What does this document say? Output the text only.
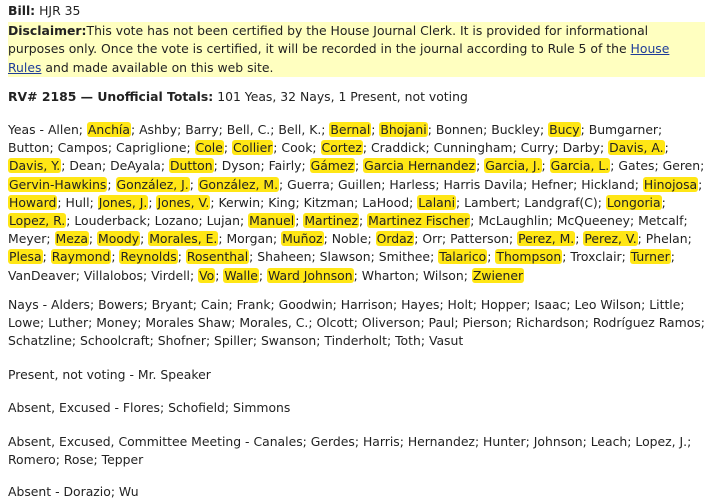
Bill: HJR 35
Disclaimer:This vote has not been certified by the House Journal Clerk. It is provided for informational purposes only. Once the vote is certified, it will be recorded in the journal according to Rule 5 of the House Rules and made available on this web site.
RV# 2185 — Unofficial Totals: 101 Yeas, 32 Nays, 1 Present, not voting
Yeas - Allen; Anchía; Ashby; Barry; Bell, C.; Bell, K.; Bernal; Bhojani; Bonnen; Buckley; Bucy; Bumgarner; Button; Campos; Capriglione; Cole; Collier; Cook; Cortez; Craddick; Cunningham; Curry; Darby; Davis, A.; Davis, Y.; Dean; DeAyala; Dutton; Dyson; Fairly; Gámez; Garcia Hernandez; Garcia, J.; Garcia, L.; Gates; Geren; Gervin-Hawkins; González, J.; González, M.; Guerra; Guillen; Harless; Harris Davila; Hefner; Hickland; Hinojosa; Howard; Hull; Jones, J.; Jones, V.; Kerwin; King; Kitzman; LaHood; Lalani; Lambert; Landgraf(C); Longoria; Lopez, R.; Louderback; Lozano; Lujan; Manuel; Martinez; Martinez Fischer; McLaughlin; McQueeney; Metcalf; Meyer; Meza; Moody; Morales, E.; Morgan; Muñoz; Noble; Ordaz; Orr; Patterson; Perez, M.; Perez, V.; Phelan; Plesa; Raymond; Reynolds; Rosenthal; Shaheen; Slawson; Smithee; Talarico; Thompson; Troxclair; Turner; VanDeaver; Villalobos; Virdell; Vo; Walle; Ward Johnson; Wharton; Wilson; Zwiener
Nays - Alders; Bowers; Bryant; Cain; Frank; Goodwin; Harrison; Hayes; Holt; Hopper; Isaac; Leo Wilson; Little; Lowe; Luther; Money; Morales Shaw; Morales, C.; Olcott; Oliverson; Paul; Pierson; Richardson; Rodríguez Ramos; Schatzline; Schoolcraft; Shofner; Spiller; Swanson; Tinderholt; Toth; Vasut
Present, not voting - Mr. Speaker
Absent, Excused - Flores; Schofield; Simmons
Absent, Excused, Committee Meeting - Canales; Gerdes; Harris; Hernandez; Hunter; Johnson; Leach; Lopez, J.; Romero; Rose; Tepper
Absent - Dorazio; Wu
